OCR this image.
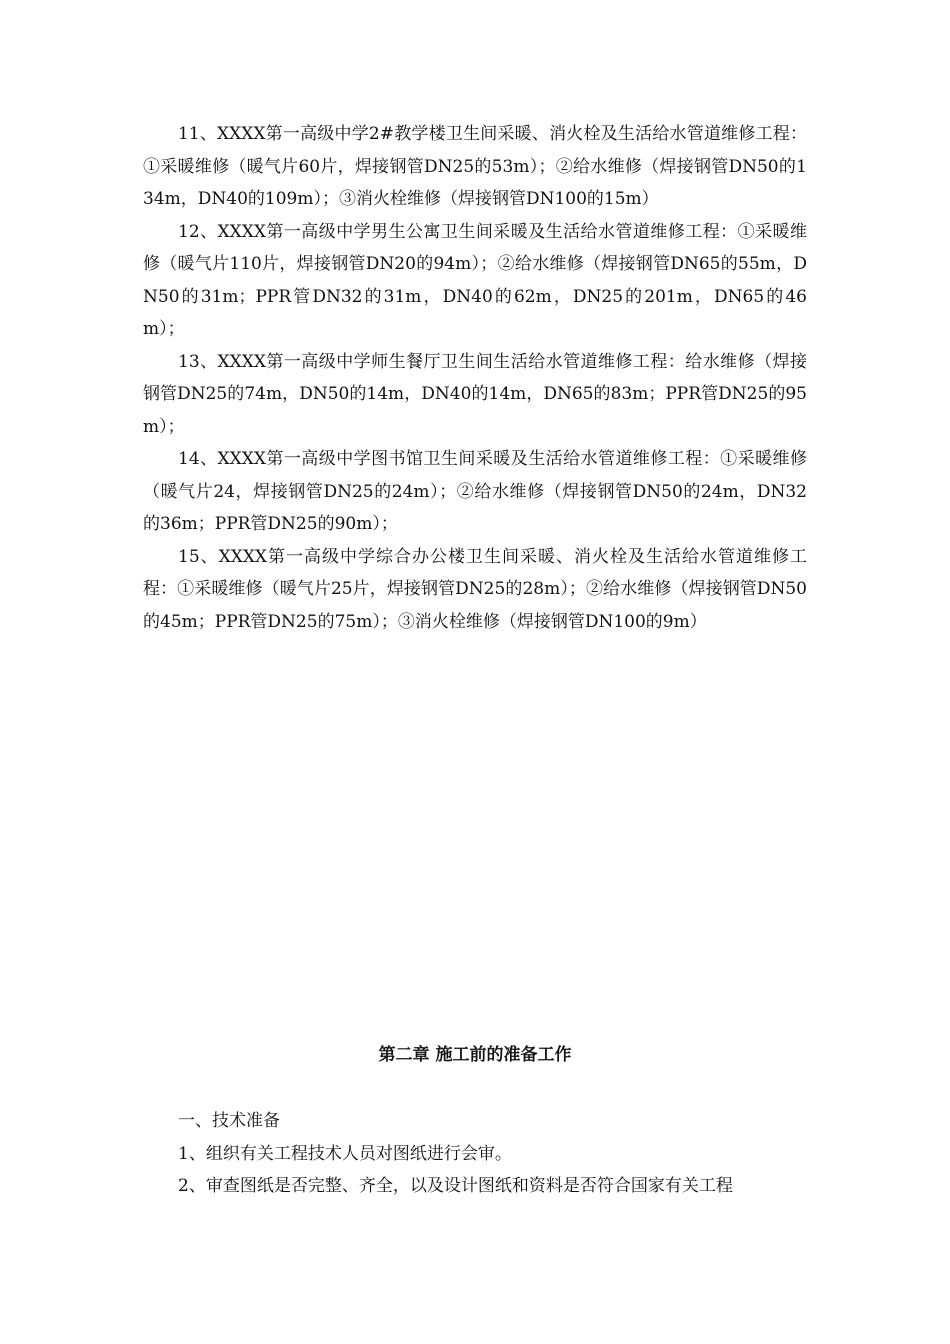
11、XXXX第一高级中学2#教学楼卫生间采暖、消火栓及生活给水管道维修工程：①采暖维修（暖气片60片，焊接钢管DN25的53m）；②给水维修（焊接钢管DN50的134m，DN40的109m）；③消火栓维修（焊接钢管DN100的15m）

12、XXXX第一高级中学男生公寓卫生间采暖及生活给水管道维修工程：①采暖维修（暖气片110片，焊接钢管DN20的94m）；②给水维修（焊接钢管DN65的55m，DN50的31m；PPR管DN32的31m，DN40的62m，DN25的201m，DN65的46m）；

13、XXXX第一高级中学师生餐厅卫生间生活给水管道维修工程：给水维修（焊接钢管DN25的74m，DN50的14m，DN40的14m，DN65的83m；PPR管DN25的95m）；

14、XXXX第一高级中学图书馆卫生间采暖及生活给水管道维修工程：①采暖维修（暖气片24，焊接钢管DN25的24m）；②给水维修（焊接钢管DN50的24m，DN32的36m；PPR管DN25的90m）；

15、XXXX第一高级中学综合办公楼卫生间采暖、消火栓及生活给水管道维修工程：①采暖维修（暖气片25片，焊接钢管DN25的28m）；②给水维修（焊接钢管DN50的45m；PPR管DN25的75m）；③消火栓维修（焊接钢管DN100的9m）

第二章 施工前的准备工作

一、技术准备

1、组织有关工程技术人员对图纸进行会审。

2、审查图纸是否完整、齐全，以及设计图纸和资料是否符合国家有关工程
